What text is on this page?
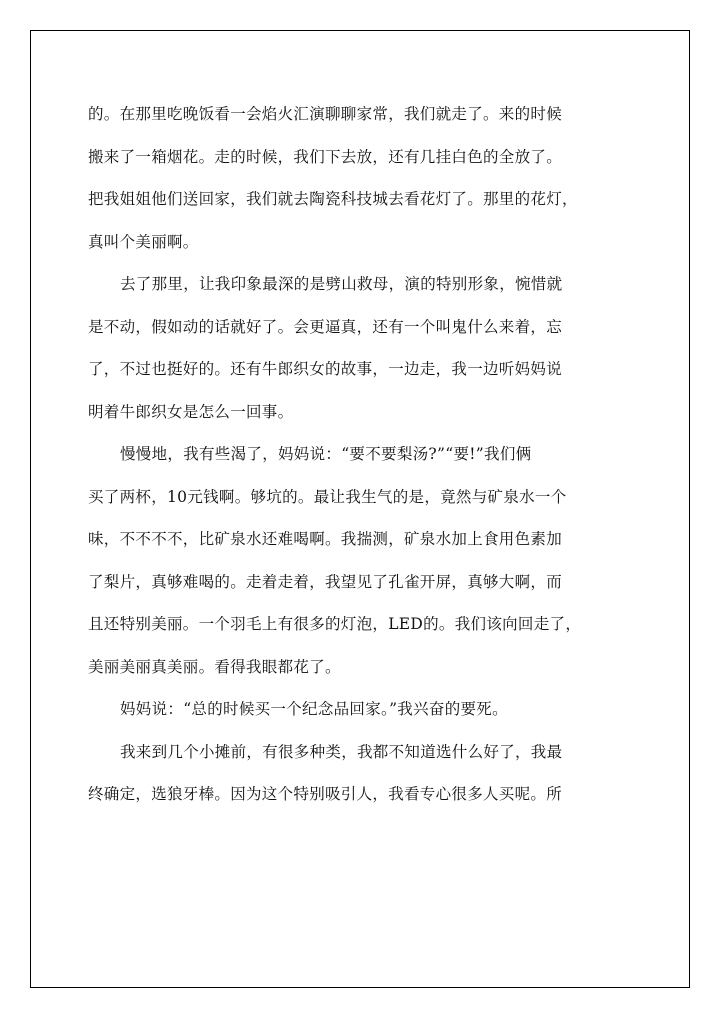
的。在那里吃晚饭看一会焰火汇演聊聊家常，我们就走了。来的时候
搬来了一箱烟花。走的时候，我们下去放，还有几挂白色的全放了。
把我姐姐他们送回家，我们就去陶瓷科技城去看花灯了。那里的花灯，
真叫个美丽啊。
去了那里，让我印象最深的是劈山救母，演的特别形象，惋惜就
是不动，假如动的话就好了。会更逼真，还有一个叫鬼什么来着，忘
了，不过也挺好的。还有牛郎织女的故事，一边走，我一边听妈妈说
明着牛郎织女是怎么一回事。
慢慢地，我有些渴了，妈妈说：“要不要梨汤?”“要!”我们俩
买了两杯，10元钱啊。够坑的。最让我生气的是，竟然与矿泉水一个
味，不不不不，比矿泉水还难喝啊。我揣测，矿泉水加上食用色素加
了梨片，真够难喝的。走着走着，我望见了孔雀开屏，真够大啊，而
且还特别美丽。一个羽毛上有很多的灯泡，LED的。我们该向回走了，
美丽美丽真美丽。看得我眼都花了。
妈妈说：“总的时候买一个纪念品回家。”我兴奋的要死。
我来到几个小摊前，有很多种类，我都不知道选什么好了，我最
终确定，选狼牙棒。因为这个特别吸引人，我看专心很多人买呢。所
